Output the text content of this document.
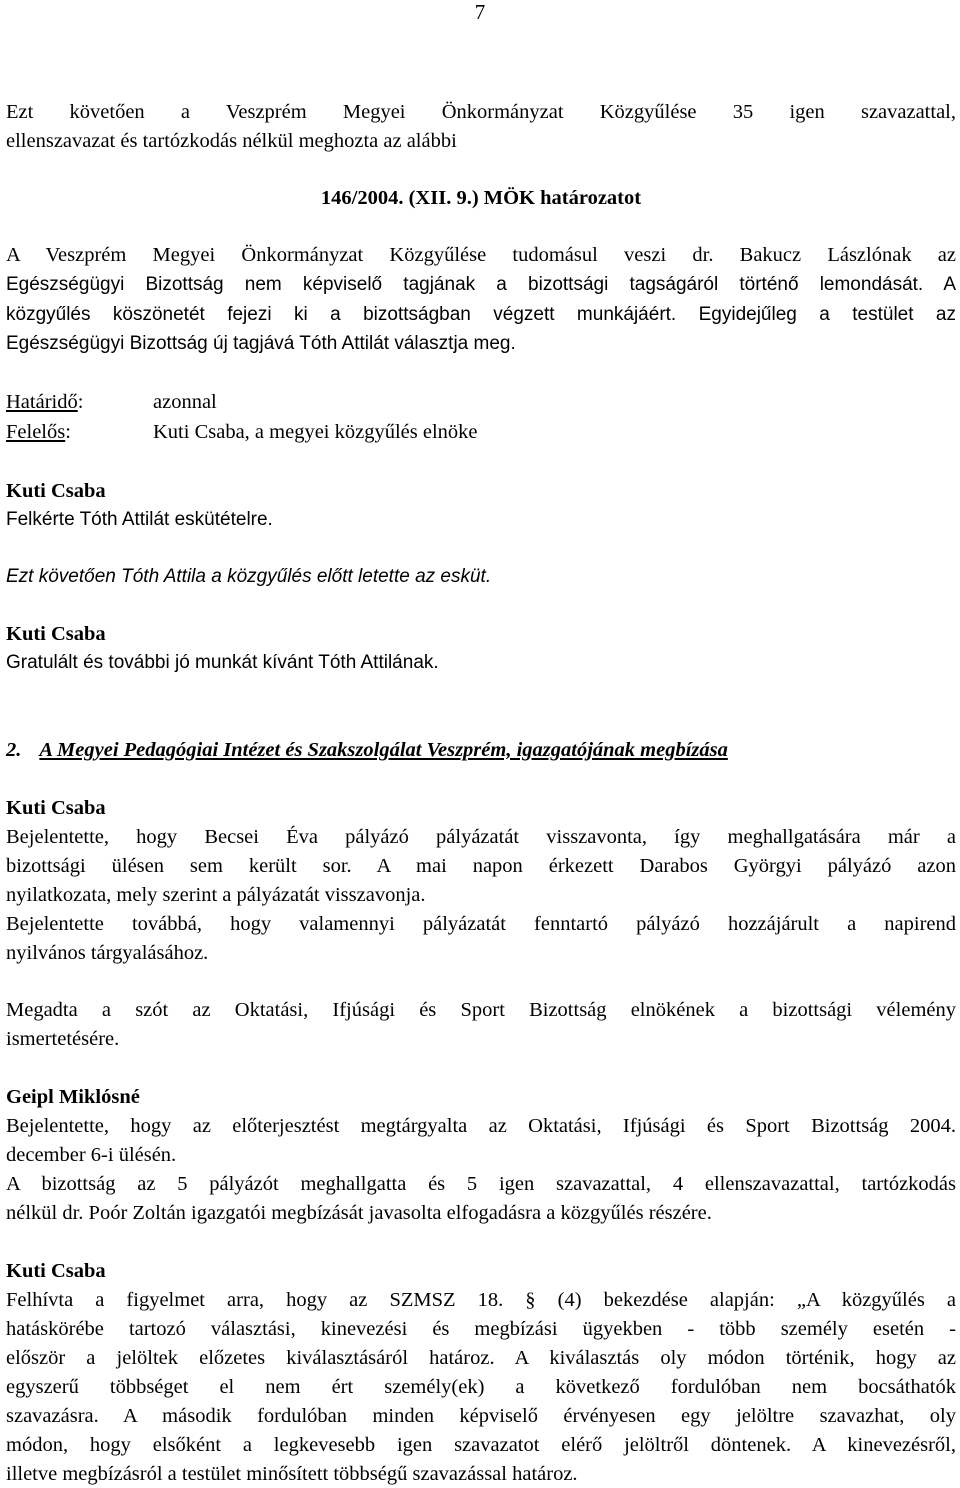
7
Ezt követően a Veszprém Megyei Önkormányzat Közgyűlése 35 igen szavazattal,
ellenszavazat és tartózkodás nélkül meghozta az alábbi
146/2004. (XII. 9.) MÖK határozatot
A Veszprém Megyei Önkormányzat Közgyűlése tudomásul veszi dr. Bakucz Lászlónak az
Egészségügyi Bizottság nem képviselő tagjának a bizottsági tagságáról történő lemondását. A
közgyűlés köszönetét fejezi ki a bizottságban végzett munkájáért. Egyidejűleg a testület az
Egészségügyi Bizottság új tagjává Tóth Attilát választja meg.
Határidő:	azonnal
Felelős:	Kuti Csaba, a megyei közgyűlés elnöke
Kuti Csaba
Felkérte Tóth Attilát eskütételre.
Ezt követően Tóth Attila a közgyűlés előtt letette az esküt.
Kuti Csaba
Gratulált és további jó munkát kívánt Tóth Attilának.
2. A Megyei Pedagógiai Intézet és Szakszolgálat Veszprém, igazgatójának megbízása
Kuti Csaba
Bejelentette, hogy Becsei Éva pályázó pályázatát visszavonta, így meghallgatására már a
bizottsági ülésen sem került sor. A mai napon érkezett Darabos Györgyi pályázó azon
nyilatkozata, mely szerint a pályázatát visszavonja.
Bejelentette továbbá, hogy valamennyi pályázatát fenntartó pályázó hozzájárult a napirend
nyilvános tárgyalásához.
Megadta a szót az Oktatási, Ifjúsági és Sport Bizottság elnökének a bizottsági vélemény
ismertetésére.
Geipl Miklósné
Bejelentette, hogy az előterjesztést megtárgyalta az Oktatási, Ifjúsági és Sport Bizottság 2004.
december 6-i ülésén.
A bizottság az 5 pályázót meghallgatta és 5 igen szavazattal, 4 ellenszavazattal, tartózkodás
nélkül dr. Poór Zoltán igazgatói megbízását javasolta elfogadásra a közgyűlés részére.
Kuti Csaba
Felhívta a figyelmet arra, hogy az SZMSZ 18. § (4) bekezdése alapján: „A közgyűlés a
hatáskörébe tartozó választási, kinevezési és megbízási ügyekben - több személy esetén -
először a jelöltek előzetes kiválasztásáról határoz. A kiválasztás oly módon történik, hogy az
egyszerű többséget el nem ért személy(ek) a következő fordulóban nem bocsáthatók
szavazásra. A második fordulóban minden képviselő érvényesen egy jelöltre szavazhat, oly
módon, hogy elsőként a legkevesebb igen szavazatot elérő jelöltről döntenek. A kinevezésről,
illetve megbízásról a testület minősített többségű szavazással határoz.
